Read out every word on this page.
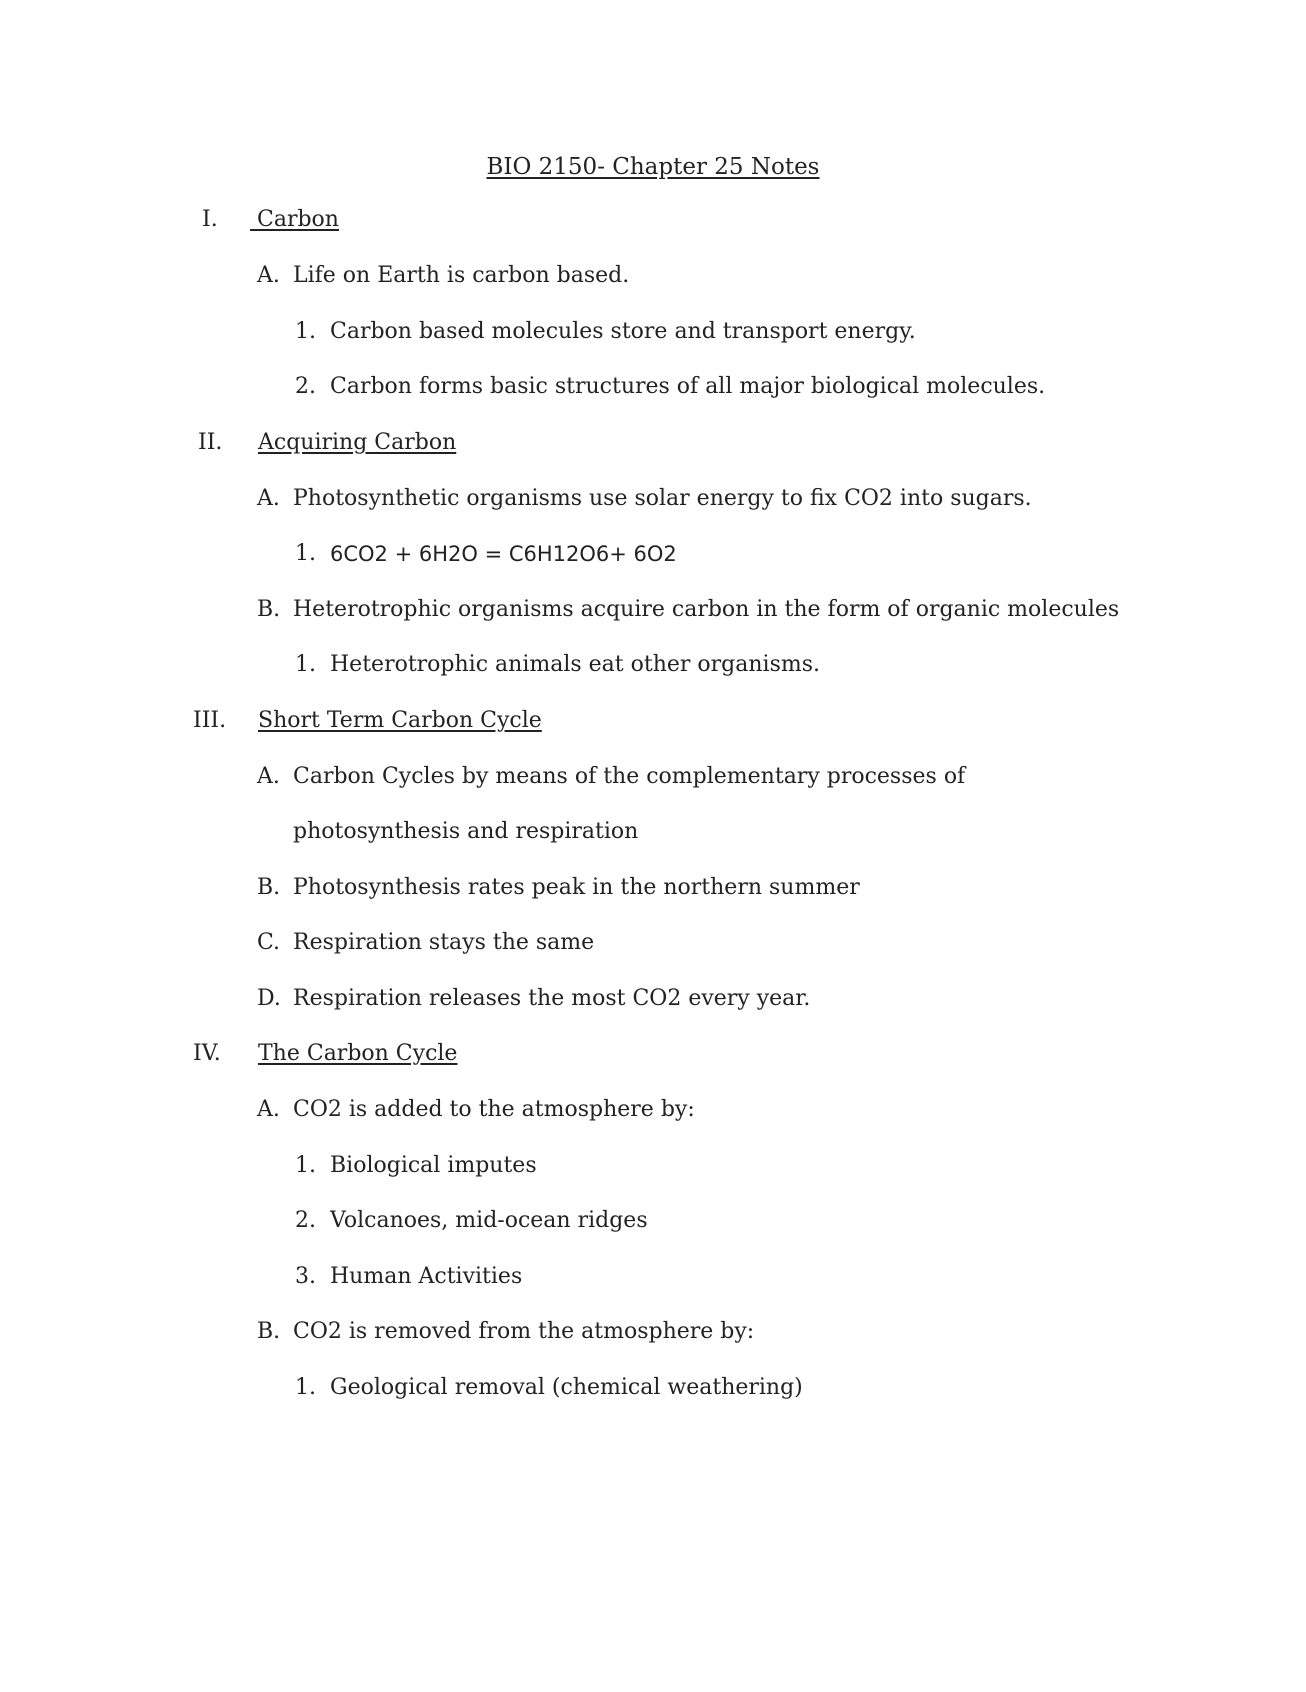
BIO 2150- Chapter 25 Notes
I. Carbon
A. Life on Earth is carbon based.
1. Carbon based molecules store and transport energy.
2. Carbon forms basic structures of all major biological molecules.
II. Acquiring Carbon
A. Photosynthetic organisms use solar energy to fix CO2 into sugars.
1. 6CO2 + 6H2O = C6H12O6+ 6O2
B. Heterotrophic organisms acquire carbon in the form of organic molecules
1. Heterotrophic animals eat other organisms.
III. Short Term Carbon Cycle
A. Carbon Cycles by means of the complementary processes of
photosynthesis and respiration
B. Photosynthesis rates peak in the northern summer
C. Respiration stays the same
D. Respiration releases the most CO2 every year.
IV. The Carbon Cycle
A. CO2 is added to the atmosphere by:
1. Biological imputes
2. Volcanoes, mid-ocean ridges
3. Human Activities
B. CO2 is removed from the atmosphere by:
1. Geological removal (chemical weathering)
